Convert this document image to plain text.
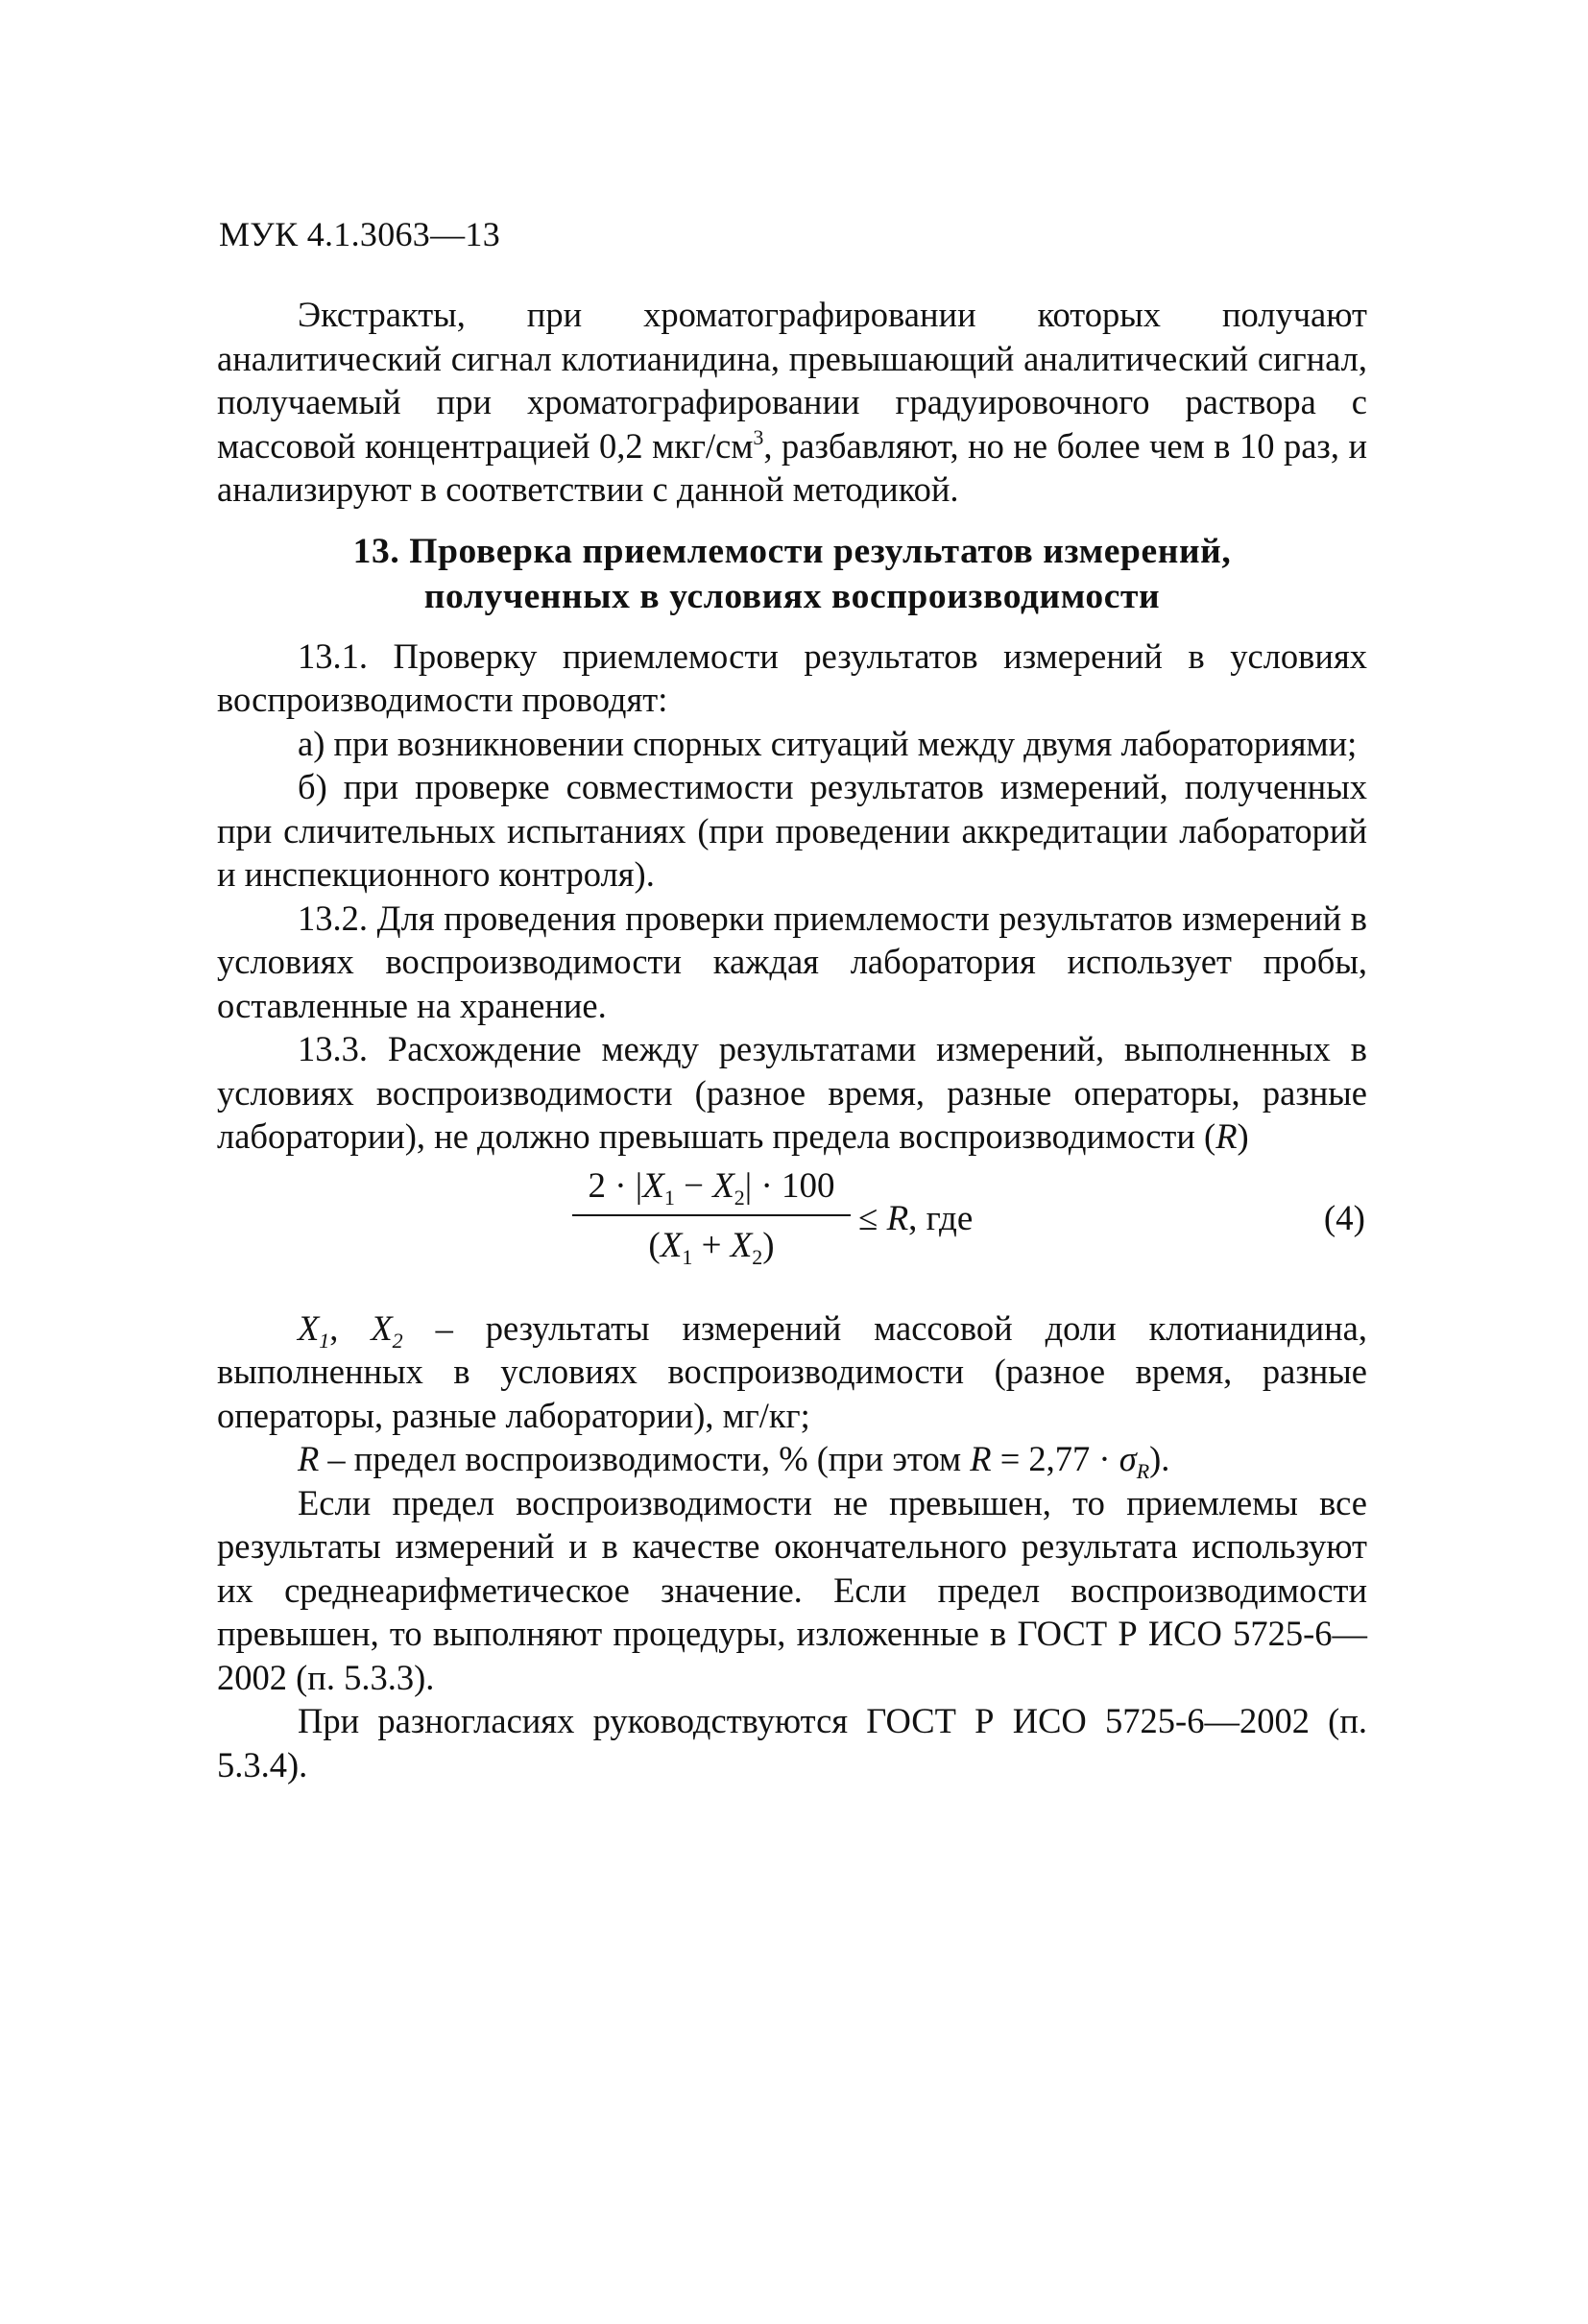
МУК 4.1.3063—13

Экстракты, при хроматографировании которых получают аналитический сигнал клотианидина, превышающий аналитический сигнал, получаемый при хроматографировании градуировочного раствора с массовой концентрацией 0,2 мкг/$см^3$, разбавляют, но не более чем в 10 раз, и анализируют в соответствии с данной методикой.

13. Проверка приемлемости результатов измерений,
полученных в условиях воспроизводимости

13.1. Проверку приемлемости результатов измерений в условиях воспроизводимости проводят:

а) при возникновении спорных ситуаций между двумя лабораториями;

б) при проверке совместимости результатов измерений, полученных при сличительных испытаниях (при проведении аккредитации лабораторий и инспекционного контроля).

13.2. Для проведения проверки приемлемости результатов измерений в условиях воспроизводимости каждая лаборатория использует пробы, оставленные на хранение.

13.3. Расхождение между результатами измерений, выполненных в условиях воспроизводимости (разное время, разные операторы, разные лаборатории), не должно превышать предела воспроизводимости (R)

$\frac{2 \cdot |X_1 - X_2| \cdot 100}{(X_1 + X_2)} \le R$, где	(4)

$X_1$, $X_2$ – результаты измерений массовой доли клотианидина, выполненных в условиях воспроизводимости (разное время, разные операторы, разные лаборатории), мг/кг;

R – предел воспроизводимости, % (при этом $R = 2,77 \cdot \sigma_R$).

Если предел воспроизводимости не превышен, то приемлемы все результаты измерений и в качестве окончательного результата используют их среднеарифметическое значение. Если предел воспроизводимости превышен, то выполняют процедуры, изложенные в ГОСТ Р ИСО 5725-6—2002 (п. 5.3.3).

При разногласиях руководствуются ГОСТ Р ИСО 5725-6—2002 (п. 5.3.4).
